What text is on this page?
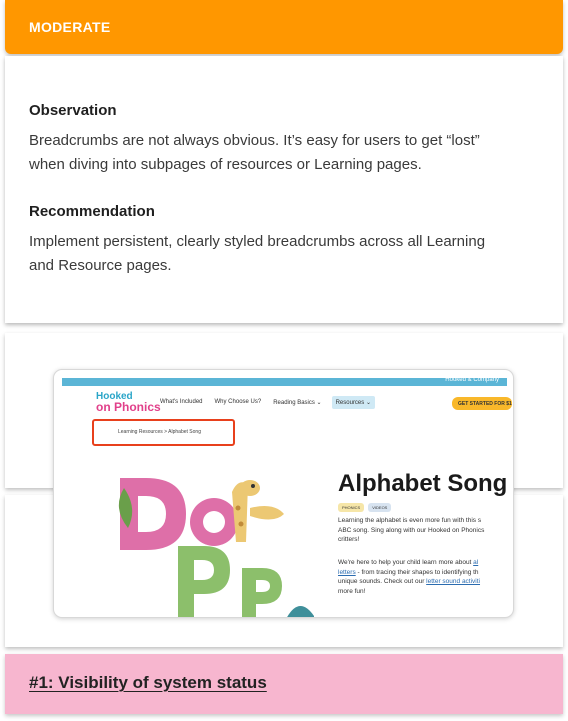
MODERATE
Observation
Breadcrumbs are not always obvious. It’s easy for users to get “lost”
when diving into subpages of resources or Learning pages.
Recommendation
Implement persistent, clearly styled breadcrumbs across all Learning
and Resource pages.
Hooked & Company
Hooked
on Phonics What's Included	Why Choose Us?	Reading Basics ⌄	Resources ⌄	GET STARTED FOR $1
Learning Resources > Alphabet Song
Alphabet Song
PHONICS	VIDEOS
Learning the alphabet is even more fun with this s
ABC song. Sing along with our Hooked on Phonics
critters!
We're here to help your child learn more about al
letters - from tracing their shapes to identifying th
unique sounds. Check out our letter sound activiti
more fun!
#1: Visibility of system status
